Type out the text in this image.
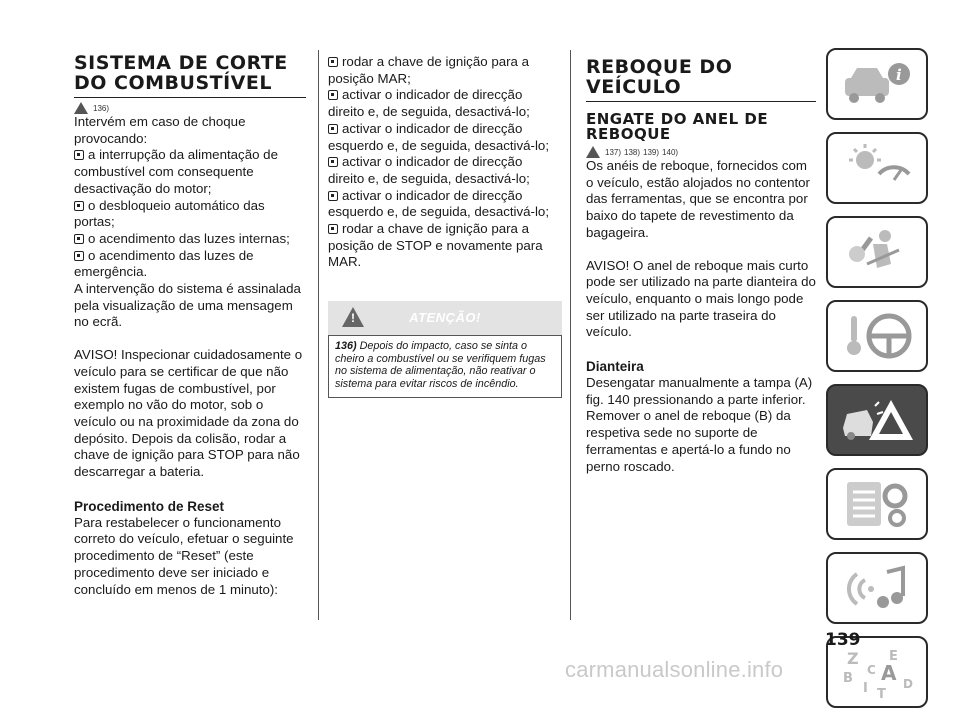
SISTEMA DE CORTE DO COMBUSTÍVEL
136)
Intervém em caso de choque provocando:
a interrupção da alimentação de combustível com consequente desactivação do motor;
o desbloqueio automático das portas;
o acendimento das luzes internas;
o acendimento das luzes de emergência.
A intervenção do sistema é assinalada pela visualização de uma mensagem no ecrã.
AVISO! Inspecionar cuidadosamente o veículo para se certificar de que não existem fugas de combustível, por exemplo no vão do motor, sob o veículo ou na proximidade da zona do depósito. Depois da colisão, rodar a chave de ignição para STOP para não descarregar a bateria.
Procedimento de Reset
Para restabelecer o funcionamento correto do veículo, efetuar o seguinte procedimento de “Reset” (este procedimento deve ser iniciado e concluído em menos de 1 minuto):
rodar a chave de ignição para a posição MAR;
activar o indicador de direcção direito e, de seguida, desactivá-lo;
activar o indicador de direcção esquerdo e, de seguida, desactivá-lo;
activar o indicador de direcção direito e, de seguida, desactivá-lo;
activar o indicador de direcção esquerdo e, de seguida, desactivá-lo;
rodar a chave de ignição para a posição de STOP e novamente para MAR.
!	ATENÇÃO!
136) Depois do impacto, caso se sinta o cheiro a combustível ou se verifiquem fugas no sistema de alimentação, não reativar o sistema para evitar riscos de incêndio.
REBOQUE DO VEÍCULO
ENGATE DO ANEL DE REBOQUE
137) 138) 139) 140)
Os anéis de reboque, fornecidos com o veículo, estão alojados no contentor das ferramentas, que se encontra por baixo do tapete de revestimento da bagageira.
AVISO! O anel de reboque mais curto pode ser utilizado na parte dianteira do veículo, enquanto o mais longo pode ser utilizado na parte traseira do veículo.
Dianteira
Desengatar manualmente a tampa (A) fig. 140 pressionando a parte inferior. Remover o anel de reboque (B) da respetiva sede no suporte de ferramentas e apertá-lo a fundo no perno roscado.
i
Z E
B A
I
C
T
D
139
carmanualsonline.info
